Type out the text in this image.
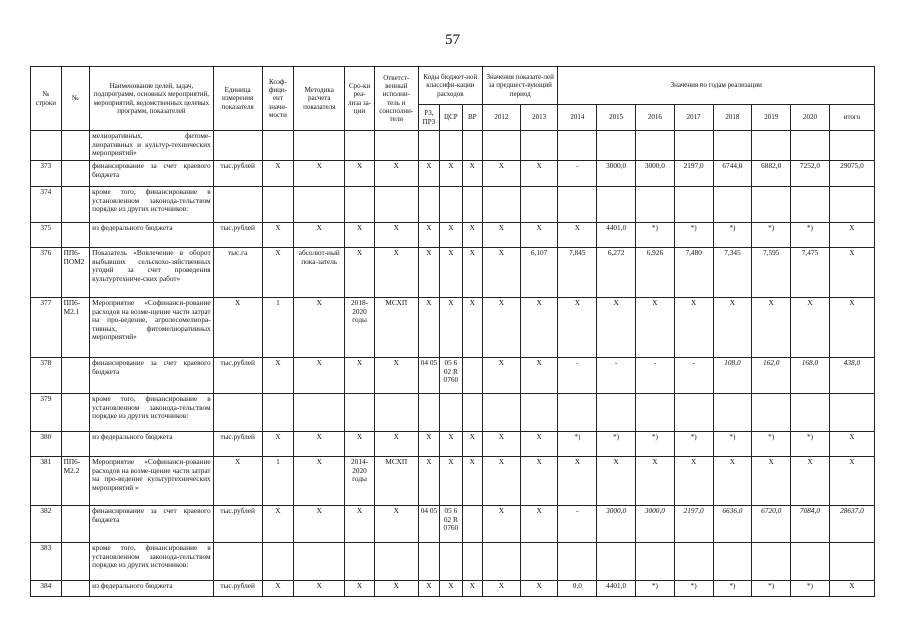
57
№ строки	№	Наименование целей, задач, подпрограмм, основных мероприятий, мероприятий, ведомственных целевых программ, показателей	Единица измерения показателя	Коэф-фици-ент значи-мости	Методика расчета показателя	Сро-ки реа-лиза за-ции	Ответст-венный исполни-тель и соисполни-тели	Коды бюджет-ной классифи-кации расходов			Значения показате-лей за предшест-вующий период		Значения по годам реализации							
								РЗ, ПРЗ	ЦСР	ВР	2012	2013	2014	2015	2016	2017	2018	2019	2020	итого
		мелиоративных, фитоме-лиоративных и культур-технических мероприятий»																		
373		финансирование за счет краевого бюджета	тыс.рублей	X	X	X	X	X	X	X	X	X	-	3000,0	3000,0	2197,0	6744,0	6882,0	7252,0	29075,0
374		кроме того, финансирование в установленном законода-тельством порядке из других источников:																		
375		из федерального бюджета	тыс.рублей	X	X	X	X	X	X	X	X	X	X	4401,0	*)	*)	*)	*)	*)	X
376	ПП6-ПОМ2	Показатель «Вовлечение в оборот выбывших сельскохо-зяйственных угодий за счет проведения культуртехниче-ских работ»	тыс.га	X	абсолют-ный пока-затель	X	X	X	X	X	X	6,107	7,845	6,272	6,926	7,480	7,345	7,595	7,475	X
377	ПП6-М2.1	Мероприятие «Софинанси-рование расходов на возме-щение части затрат на про-ведение, агролесомелиора-тивных, фитомелиоративных мероприятий»	X	1	X	2018-2020 годы	МСХП	X	X	X	X	X	X	X	X	X	X	X	X	X
378		финансирование за счет краевого бюджета	тыс.рублей	X	X	X	X	04 05	05 6 02 R 0760		X	X	-	-	-	-	108,0	162,0	168,0	438,0
379		кроме того, финансирование в установленном законода-тельством порядке из других источников:																		
380		из федерального бюджета	тыс.рублей	X	X	X	X	X	X	X	X	X	*)	*)	*)	*)	*)	*)	*)	X
381	ПП6-М2.2	Мероприятие «Софинанси-рование расходов на возме-щение части затрат на про-ведение культуртехнических мероприятий »	X	1	X	2014-2020 годы	МСХП	X	X	X	X	X	X	X	X	X	X	X	X	X
382		финансирование за счет краевого бюджета	тыс.рублей	X	X	X	X	04 05	05 6 02 R 0760		X	X	-	3000,0	3000,0	2197,0	6636,0	6720,0	7084,0	28637,0
383		кроме того, финансирование в установленном законода-тельством порядке из других источников:																		
384		из федерального бюджета	тыс.рублей	X	X	X	X	X	X	X	X	X	0,0	4401,0	*)	*)	*)	*)	*)	X
